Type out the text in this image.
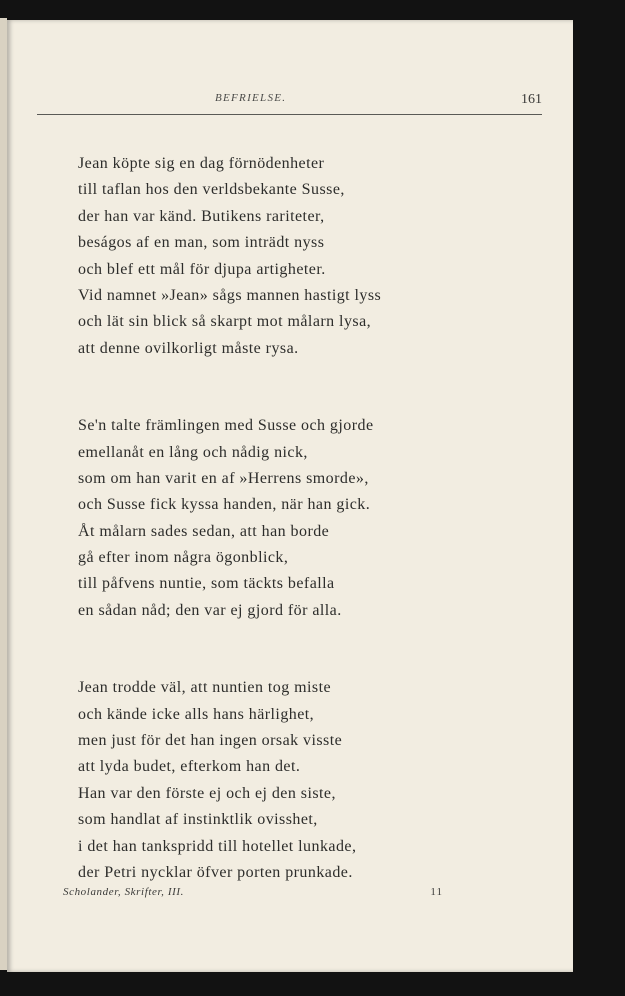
BEFRIELSE.	161
Jean köpte sig en dag förnödenheter
till taflan hos den verldsbekante Susse,
der han var känd. Butikens rariteter,
beságos af en man, som inträdt nyss
och blef ett mål för djupa artigheter.
Vid namnet »Jean» sågs mannen hastigt lyss
och lät sin blick så skarpt mot målarn lysa,
att denne ovilkorligt måste rysa.
Se'n talte främlingen med Susse och gjorde
emellanåt en lång och nådig nick,
som om han varit en af »Herrens smorde»,
och Susse fick kyssa handen, när han gick.
Åt målarn sades sedan, att han borde
gå efter inom några ögonblick,
till påfvens nuntie, som täckts befalla
en sådan nåd; den var ej gjord för alla.
Jean trodde väl, att nuntien tog miste
och kände icke alls hans härlighet,
men just för det han ingen orsak visste
att lyda budet, efterkom han det.
Han var den förste ej och ej den siste,
som handlat af instinktlik ovisshet,
i det han tankspridd till hotellet lunkade,
der Petri nycklar öfver porten prunkade.
Scholander, Skrifter, III.	11
